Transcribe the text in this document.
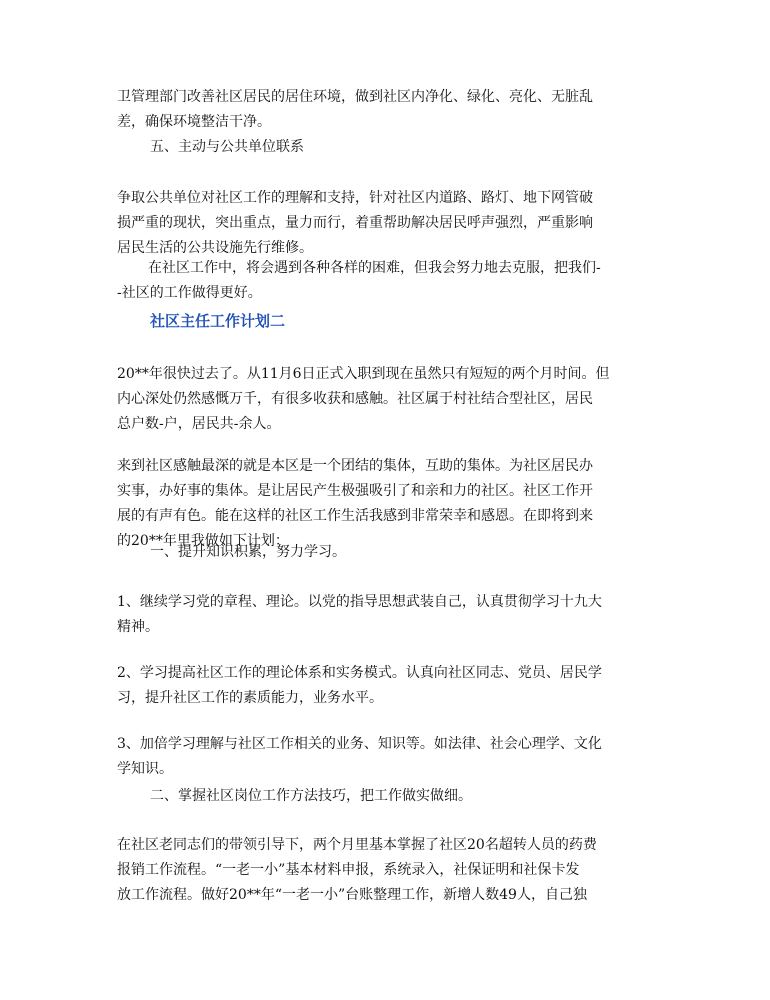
卫管理部门改善社区居民的居住环境，做到社区内净化、绿化、亮化、无脏乱
差，确保环境整洁干净。
五、主动与公共单位联系
争取公共单位对社区工作的理解和支持，针对社区内道路、路灯、地下网管破
损严重的现状，突出重点，量力而行，着重帮助解决居民呼声强烈，严重影响
居民生活的公共设施先行维修。
在社区工作中，将会遇到各种各样的困难，但我会努力地去克服，把我们-
-社区的工作做得更好。
社区主任工作计划二
20**年很快过去了。从11月6日正式入职到现在虽然只有短短的两个月时间。但
内心深处仍然感慨万千，有很多收获和感触。社区属于村社结合型社区，居民
总户数-户，居民共-余人。
来到社区感触最深的就是本区是一个团结的集体，互助的集体。为社区居民办
实事，办好事的集体。是让居民产生极强吸引了和亲和力的社区。社区工作开
展的有声有色。能在这样的社区工作生活我感到非常荣幸和感恩。在即将到来
的20**年里我做如下计划：
一、提升知识积累，努力学习。
1、继续学习党的章程、理论。以党的指导思想武装自己，认真贯彻学习十九大
精神。
2、学习提高社区工作的理论体系和实务模式。认真向社区同志、党员、居民学
习，提升社区工作的素质能力，业务水平。
3、加倍学习理解与社区工作相关的业务、知识等。如法律、社会心理学、文化
学知识。
二、掌握社区岗位工作方法技巧，把工作做实做细。
在社区老同志们的带领引导下，两个月里基本掌握了社区20名超转人员的药费
报销工作流程。“一老一小”基本材料申报，系统录入，社保证明和社保卡发
放工作流程。做好20**年“一老一小”台账整理工作，新增人数49人，自己独
